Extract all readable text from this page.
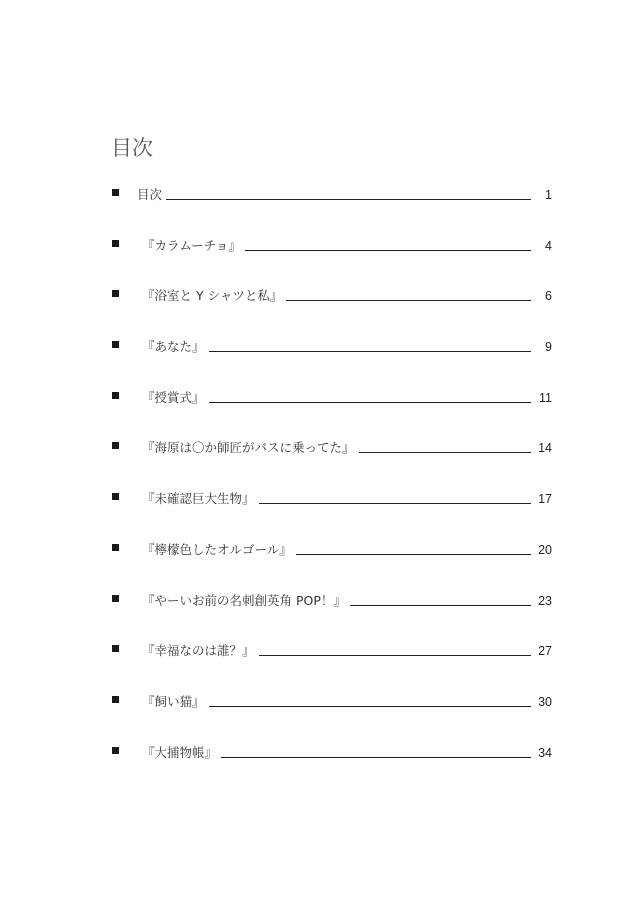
目次
目次	1
『カラムーチョ』	4
『浴室と Y シャツと私』	6
『あなた』	9
『授賞式』	11
『海原は〇か師匠がバスに乗ってた』	14
『未確認巨大生物』	17
『檸檬色したオルゴール』	20
『やーいお前の名刺創英角 POP！』	23
『幸福なのは誰？』	27
『飼い猫』	30
『大捕物帳』	34
